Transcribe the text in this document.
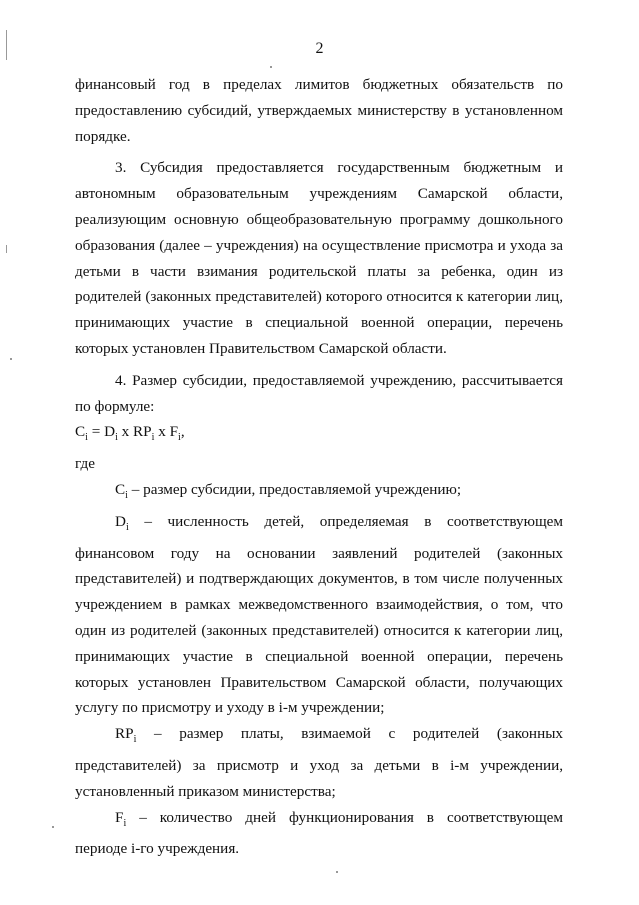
2

финансовый год в пределах лимитов бюджетных обязательств по предоставлению субсидий, утверждаемых министерству в установленном порядке.

3. Субсидия предоставляется государственным бюджетным и автономным образовательным учреждениям Самарской области, реализующим основную общеобразовательную программу дошкольного образования (далее – учреждения) на осуществление присмотра и ухода за детьми в части взимания родительской платы за ребенка, один из родителей (законных представителей) которого относится к категории лиц, принимающих участие в специальной военной операции, перечень которых установлен Правительством Самарской области.

4. Размер субсидии, предоставляемой учреждению, рассчитывается по формуле:

$C_i = D_i$ x $RP_i$ x $F_i$,

где

$C_i$ – размер субсидии, предоставляемой учреждению;

$D_i$ – численность детей, определяемая в соответствующем финансовом году на основании заявлений родителей (законных представителей) и подтверждающих документов, в том числе полученных учреждением в рамках межведомственного взаимодействия, о том, что один из родителей (законных представителей) относится к категории лиц, принимающих участие в специальной военной операции, перечень которых установлен Правительством Самарской области, получающих услугу по присмотру и уходу в i-м учреждении;

$RP_i$ – размер платы, взимаемой с родителей (законных представителей) за присмотр и уход за детьми в i-м учреждении, установленный приказом министерства;

$F_i$ – количество дней функционирования в соответствующем периоде i-го учреждения.
